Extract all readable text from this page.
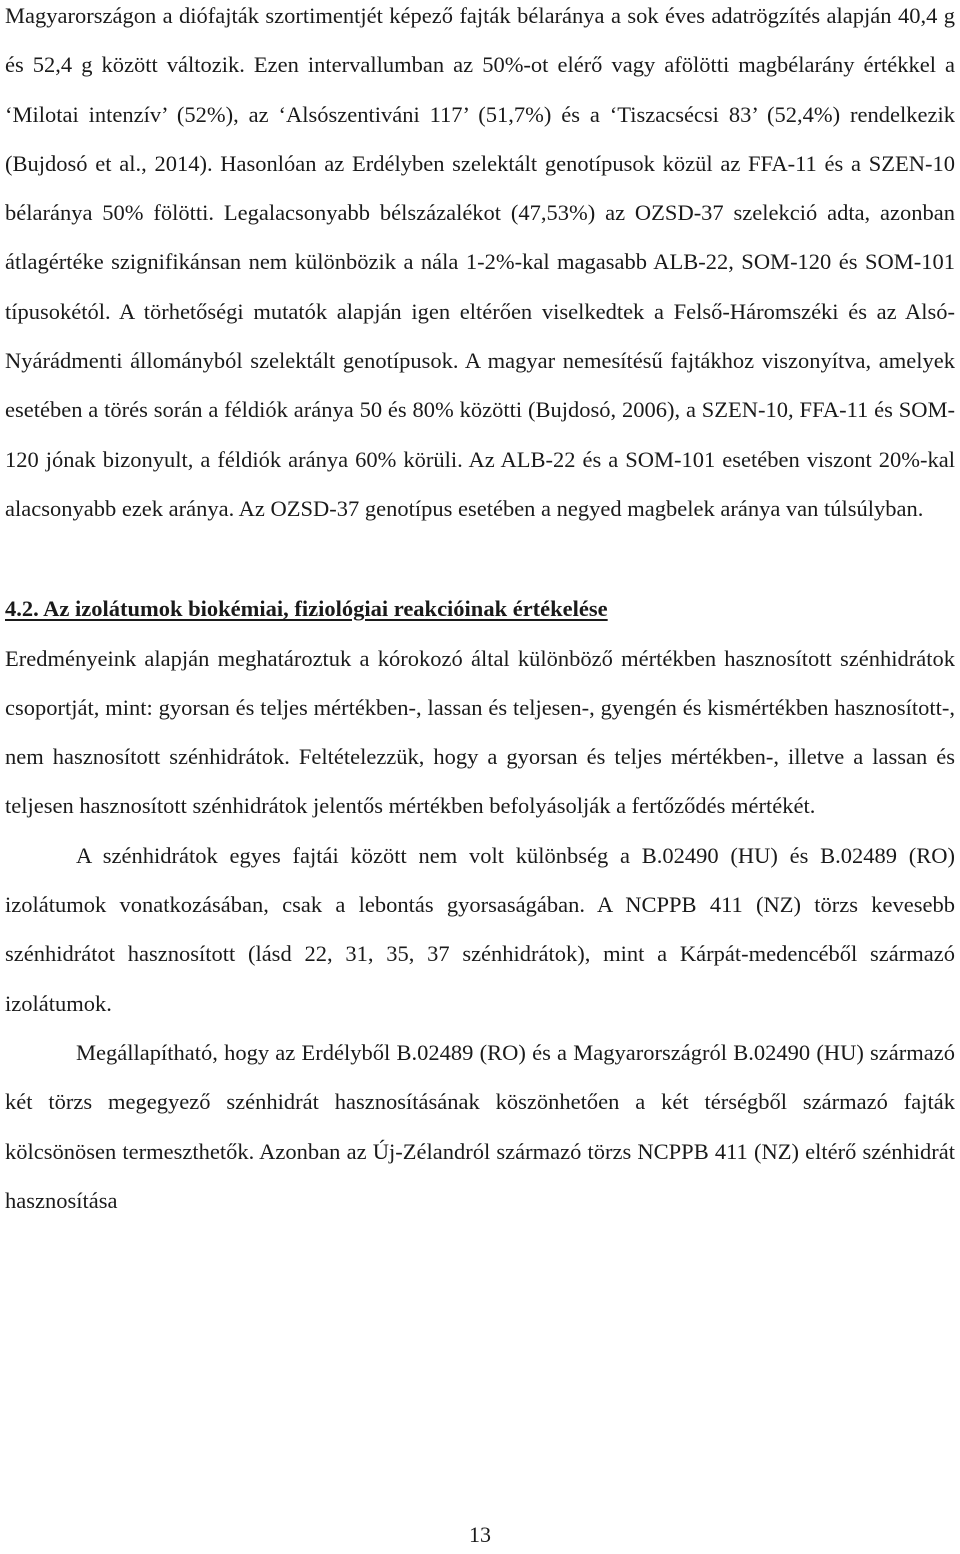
Magyarországon a diófajták szortimentjét képező fajták bélaránya a sok éves adatrögzítés alapján 40,4 g és 52,4 g között változik. Ezen intervallumban az 50%-ot elérő vagy afölötti magbélarány értékkel a ‘Milotai intenzív’ (52%), az ‘Alsószentiváni 117’ (51,7%) és a ‘Tiszacsécsi 83’ (52,4%) rendelkezik (Bujdosó et al., 2014). Hasonlóan az Erdélyben szelektált genotípusok közül az FFA-11 és a SZEN-10 bélaránya 50% fölötti. Legalacsonyabb bélszázalékot (47,53%) az OZSD-37 szelekció adta, azonban átlagértéke szignifikánsan nem különbözik a nála 1-2%-kal magasabb ALB-22, SOM-120 és SOM-101 típusokétól. A törhetőségi mutatók alapján igen eltérően viselkedtek a Felső-Háromszéki és az Alsó-Nyárádmenti állományból szelektált genotípusok. A magyar nemesítésű fajtákhoz viszonyítva, amelyek esetében a törés során a féldiók aránya 50 és 80% közötti (Bujdosó, 2006), a SZEN-10, FFA-11 és SOM-120 jónak bizonyult, a féldiók aránya 60% körüli. Az ALB-22 és a SOM-101 esetében viszont 20%-kal alacsonyabb ezek aránya. Az OZSD-37 genotípus esetében a negyed magbelek aránya van túlsúlyban.

4.2. Az izolátumok biokémiai, fiziológiai reakcióinak értékelése

Eredményeink alapján meghatároztuk a kórokozó által különböző mértékben hasznosított szénhidrátok csoportját, mint: gyorsan és teljes mértékben-, lassan és teljesen-, gyengén és kismértékben hasznosított-, nem hasznosított szénhidrátok. Feltételezzük, hogy a gyorsan és teljes mértékben-, illetve a lassan és teljesen hasznosított szénhidrátok jelentős mértékben befolyásolják a fertőződés mértékét.

A szénhidrátok egyes fajtái között nem volt különbség a B.02490 (HU) és B.02489 (RO) izolátumok vonatkozásában, csak a lebontás gyorsaságában. A NCPPB 411 (NZ) törzs kevesebb szénhidrátot hasznosított (lásd 22, 31, 35, 37 szénhidrátok), mint a Kárpát-medencéből származó izolátumok.

Megállapítható, hogy az Erdélyből B.02489 (RO) és a Magyarországról B.02490 (HU) származó két törzs megegyező szénhidrát hasznosításának köszönhetően a két térségből származó fajták kölcsönösen termeszthetők. Azonban az Új-Zélandról származó törzs NCPPB 411 (NZ) eltérő szénhidrát hasznosítása

13
